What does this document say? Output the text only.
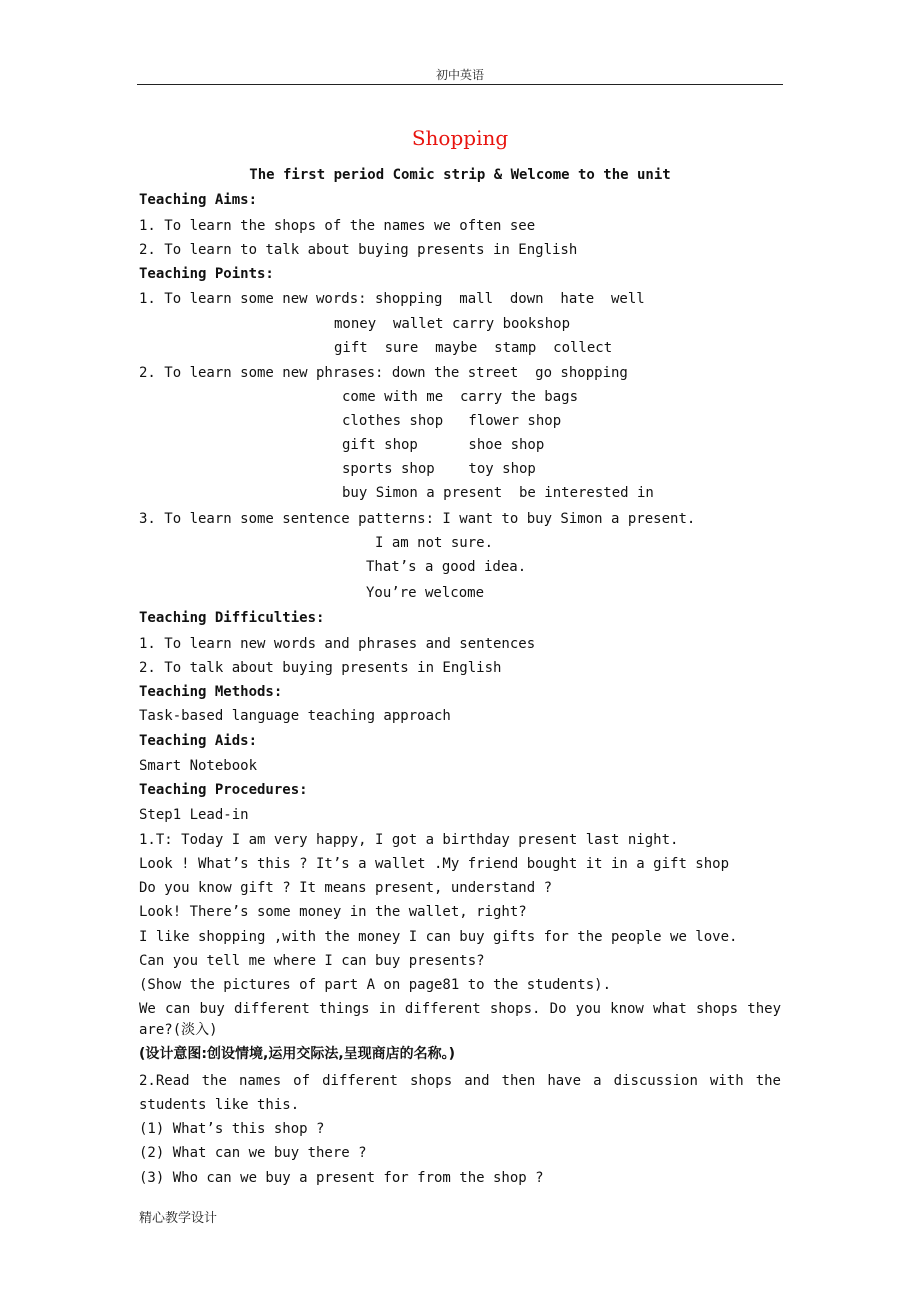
初中英语
Shopping
The first period Comic strip & Welcome to the unit
Teaching Aims:
1. To learn the shops of the names we often see
2. To learn to talk about buying presents in English
Teaching Points:
1. To learn some new words: shopping  mall  down  hate  well
money  wallet carry bookshop
gift  sure  maybe  stamp  collect
2. To learn some new phrases: down the street  go shopping
come with me  carry the bags
clothes shop   flower shop
gift shop      shoe shop
sports shop    toy shop
buy Simon a present  be interested in
3. To learn some sentence patterns: I want to buy Simon a present.
I am not sure.
That’s a good idea.
You’re welcome
Teaching Difficulties:
1. To learn new words and phrases and sentences
2. To talk about buying presents in English
Teaching Methods:
Task-based language teaching approach
Teaching Aids:
Smart Notebook
Teaching Procedures:
Step1 Lead-in
1.T: Today I am very happy, I got a birthday present last night.
Look ! What’s this ? It’s a wallet .My friend bought it in a gift shop
Do you know gift ? It means present, understand ?
Look! There’s some money in the wallet, right?
I like shopping ,with the money I can buy gifts for the people we love.
Can you tell me where I can buy presents?
(Show the pictures of part A on page81 to the students).
We can buy different things in different shops. Do you know what shops they
are?(淡入)
(设计意图:创设情境,运用交际法,呈现商店的名称。)
2.Read the names of different shops and then have a discussion with the
students like this.
(1) What’s this shop ?
(2) What can we buy there ?
(3) Who can we buy a present for from the shop ?
精心教学设计
